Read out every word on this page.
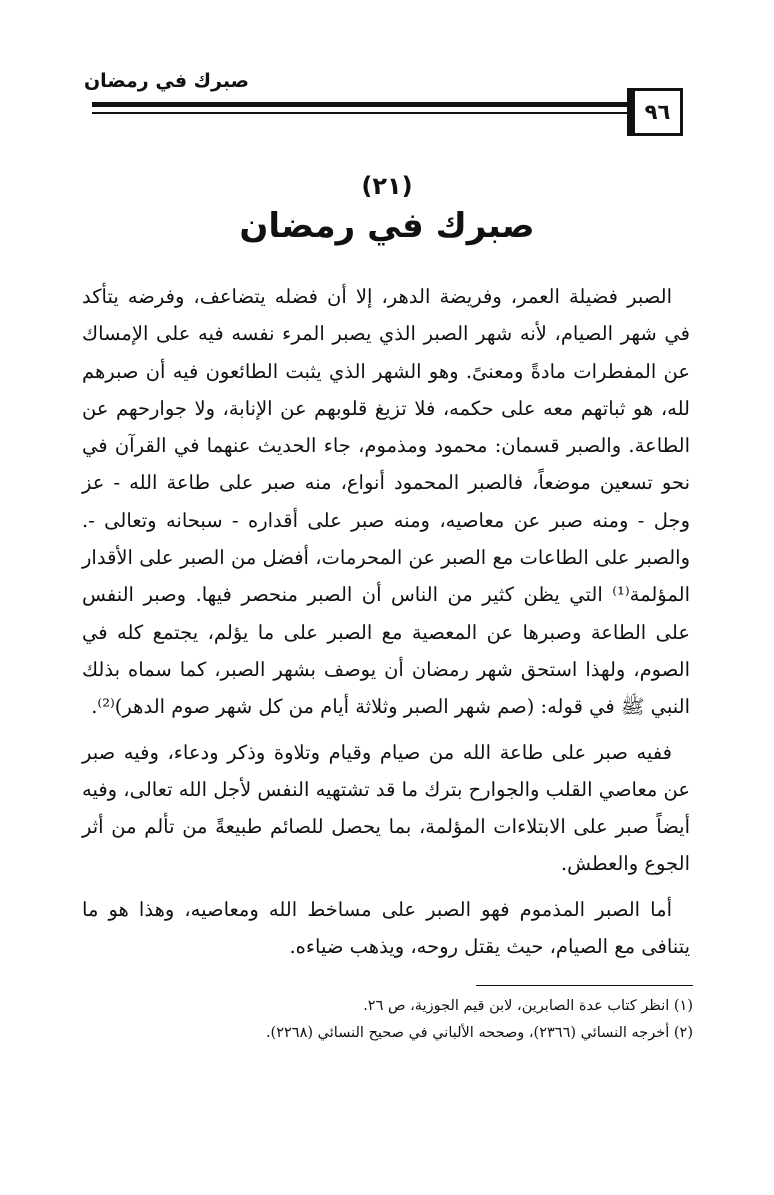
صبرك في رمضان
٩٦
(٢١)
صبرك في رمضان

الصبر فضيلة العمر، وفريضة الدهر، إلا أن فضله يتضاعف، وفرضه يتأكد في شهر الصيام، لأنه شهر الصبر الذي يصبر المرء نفسه فيه على الإمساك عن المفطرات مادةً ومعنىً. وهو الشهر الذي يثبت الطائعون فيه أن صبرهم لله، هو ثباتهم معه على حكمه، فلا تزيغ قلوبهم عن الإنابة، ولا جوارحهم عن الطاعة. والصبر قسمان: محمود ومذموم، جاء الحديث عنهما في القرآن في نحو تسعين موضعاً، فالصبر المحمود أنواع، منه صبر على طاعة الله - عز وجل - ومنه صبر عن معاصيه، ومنه صبر على أقداره - سبحانه وتعالى -. والصبر على الطاعات مع الصبر عن المحرمات، أفضل من الصبر على الأقدار المؤلمة⁽¹⁾ التي يظن كثير من الناس أن الصبر منحصر فيها. وصبر النفس على الطاعة وصبرها عن المعصية مع الصبر على ما يؤلم، يجتمع كله في الصوم، ولهذا استحق شهر رمضان أن يوصف بشهر الصبر، كما سماه بذلك النبي ﷺ في قوله: (صم شهر الصبر وثلاثة أيام من كل شهر صوم الدهر)⁽²⁾.

ففيه صبر على طاعة الله من صيام وقيام وتلاوة وذكر ودعاء، وفيه صبر عن معاصي القلب والجوارح بترك ما قد تشتهيه النفس لأجل الله تعالى، وفيه أيضاً صبر على الابتلاءات المؤلمة، بما يحصل للصائم طبيعةً من تألم من أثر الجوع والعطش.

أما الصبر المذموم فهو الصبر على مساخط الله ومعاصيه، وهذا هو ما يتنافى مع الصيام، حيث يقتل روحه، ويذهب ضياءه.

(١) انظر كتاب عدة الصابرين، لابن قيم الجوزية، ص ٢٦.

(٢) أخرجه النسائي (٢٣٦٦)، وصححه الألباني في صحيح النسائي (٢٢٦٨).
